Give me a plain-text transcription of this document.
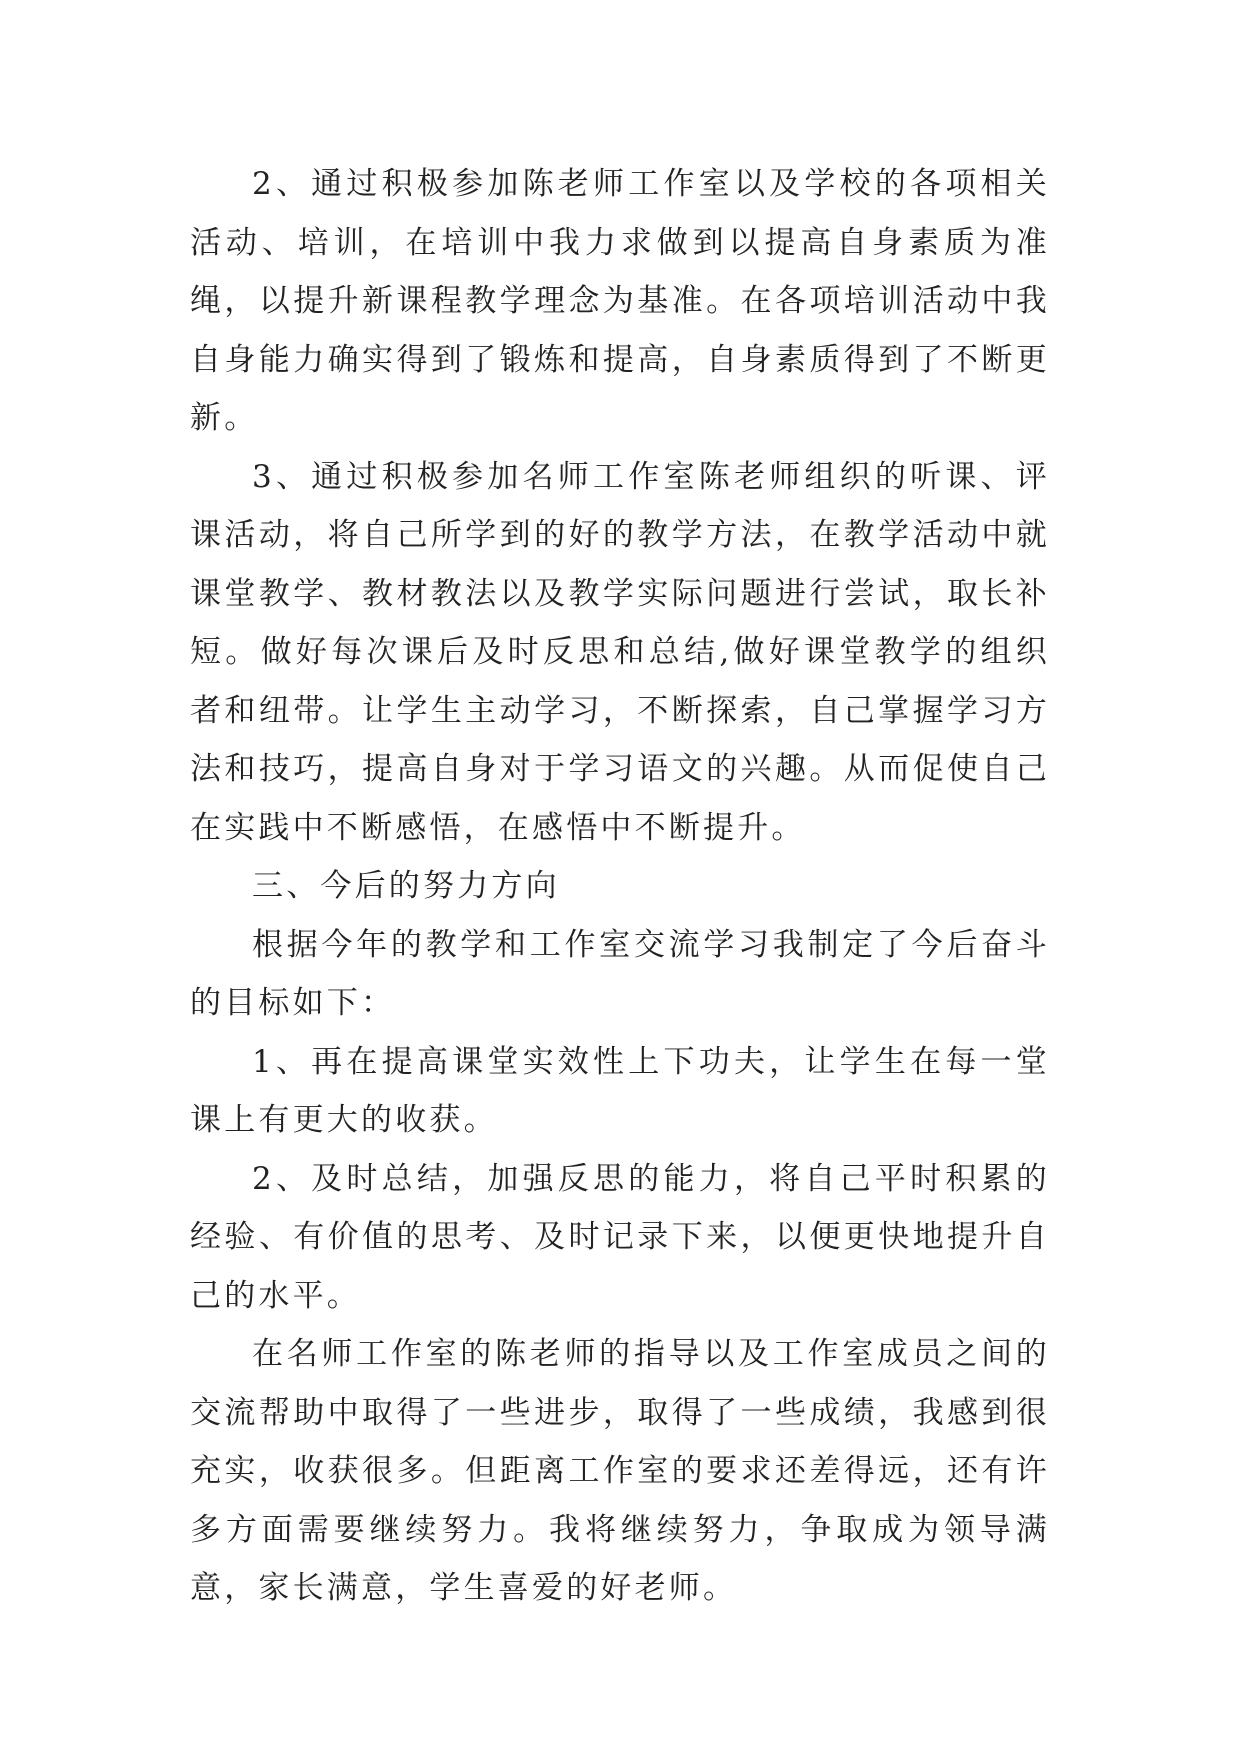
2、通过积极参加陈老师工作室以及学校的各项相关活动、培训，在培训中我力求做到以提高自身素质为准绳，以提升新课程教学理念为基准。在各项培训活动中我自身能力确实得到了锻炼和提高，自身素质得到了不断更新。

3、通过积极参加名师工作室陈老师组织的听课、评课活动，将自己所学到的好的教学方法，在教学活动中就课堂教学、教材教法以及教学实际问题进行尝试，取长补短。做好每次课后及时反思和总结,做好课堂教学的组织者和纽带。让学生主动学习，不断探索，自己掌握学习方法和技巧，提高自身对于学习语文的兴趣。从而促使自己在实践中不断感悟，在感悟中不断提升。

三、今后的努力方向

根据今年的教学和工作室交流学习我制定了今后奋斗的目标如下：

1、再在提高课堂实效性上下功夫，让学生在每一堂课上有更大的收获。

2、及时总结，加强反思的能力，将自己平时积累的经验、有价值的思考、及时记录下来，以便更快地提升自己的水平。

在名师工作室的陈老师的指导以及工作室成员之间的交流帮助中取得了一些进步，取得了一些成绩，我感到很充实，收获很多。但距离工作室的要求还差得远，还有许多方面需要继续努力。我将继续努力，争取成为领导满意，家长满意，学生喜爱的好老师。
